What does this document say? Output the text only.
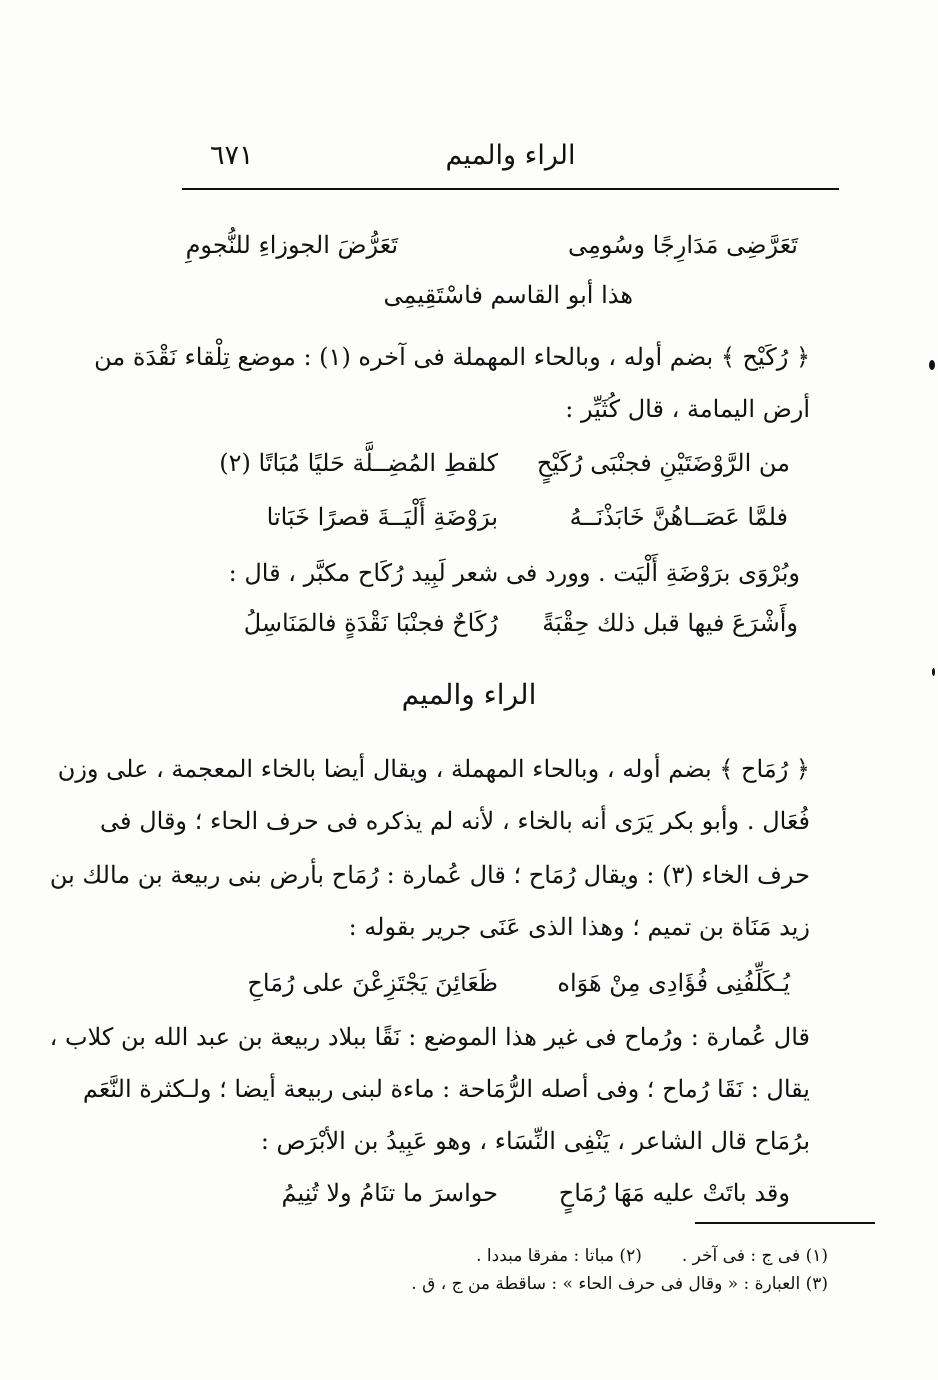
الراء والميم
٦٧١
تَعَرَّضِى مَدَارِجًا وسُومِى
تَعَرُّضَ الجوزاءِ للنُّجومِ
هذا أبو القاسم فاسْتَقِيمِى
﴿ رُكَيْح ﴾ بضم أوله ، وبالحاء المهملة فى آخره (١) : موضع تِلْقاء نَقْدَة من
أرض اليمامة ، قال كُثَيِّر :
من الرَّوْضَتَيْنِ فجنْبَى رُكَيْحٍ
كلقطِ المُضِــلَّة حَليًا مُبَاتًا (٢)
فلمَّا عَصَــاهُنَّ خَابَذْنَــهُ
برَوْضَةِ أَلْيَــةَ قصرًا خَبَاتا
وبُرْوَى برَوْضَةِ أَلْيَت . وورد فى شعر لَبِيد رُكَاح مكبَّر ، قال :
وأَشْرَعَ فيها قبل ذلك حِقْبَةً
رُكَاحٌ فجنْبَا نَقْدَةٍ فالمَنَاسِلُ
الراء والميم
﴿ رُمَاح ﴾ بضم أوله ، وبالحاء المهملة ، ويقال أيضا بالخاء المعجمة ، على وزن
فُعَال . وأبو بكر يَرَى أنه بالخاء ، لأنه لم يذكره فى حرف الحاء ؛ وقال فى
حرف الخاء (٣) : ويقال رُمَاح ؛ قال عُمارة : رُمَاح بأرض بنى ربيعة بن مالك بن
زيد مَنَاة بن تميم ؛ وهذا الذى عَنَى جرير بقوله :
يُـكَلِّفُنِى فُؤَادِى مِنْ هَوَاه
ظَعَائِنَ يَجْتَزِعْنَ على رُمَاحِ
قال عُمارة : ورُماح فى غير هذا الموضع : نَقًا ببلاد ربيعة بن عبد الله بن كلاب ،
يقال : نَقَا رُماح ؛ وفى أصله الرُّمَاحة : ماءة لبنى ربيعة أيضا ؛ ولـكثرة النَّعَم
برُمَاح قال الشاعر ، يَنْفِى النِّسَاء ، وهو عَبِيدُ بن الأبْرَص :
وقد باتَتْ عليه مَهَا رُمَاحٍ
حواسرَ ما تنَامُ ولا تُنِيمُ
(١) فى ج : فى آخر .(٢) مباتا : مفرقا مبددا .
(٣) العبارة : « وقال فى حرف الحاء » : ساقطة من ج ، ق .
